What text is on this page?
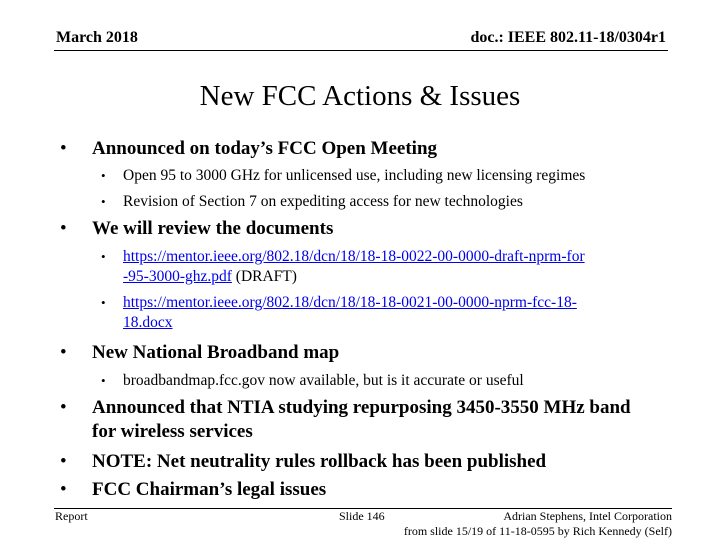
March 2018	doc.: IEEE 802.11-18/0304r1
New FCC Actions & Issues
• Announced on today’s FCC Open Meeting
• Open 95 to 3000 GHz for unlicensed use, including new licensing regimes
• Revision of Section 7 on expediting access for new technologies
• We will review the documents
• https://mentor.ieee.org/802.18/dcn/18/18-18-0022-00-0000-draft-nprm-for
-95-3000-ghz.pdf (DRAFT)
• https://mentor.ieee.org/802.18/dcn/18/18-18-0021-00-0000-nprm-fcc-18-
18.docx
• New National Broadband map
• broadbandmap.fcc.gov now available, but is it accurate or useful
• Announced that NTIA studying repurposing 3450-3550 MHz band
for wireless services
• NOTE: Net neutrality rules rollback has been published
• FCC Chairman’s legal issues
Report	Slide 146	Adrian Stephens, Intel Corporation
from slide 15/19 of 11-18-0595 by Rich Kennedy (Self)
